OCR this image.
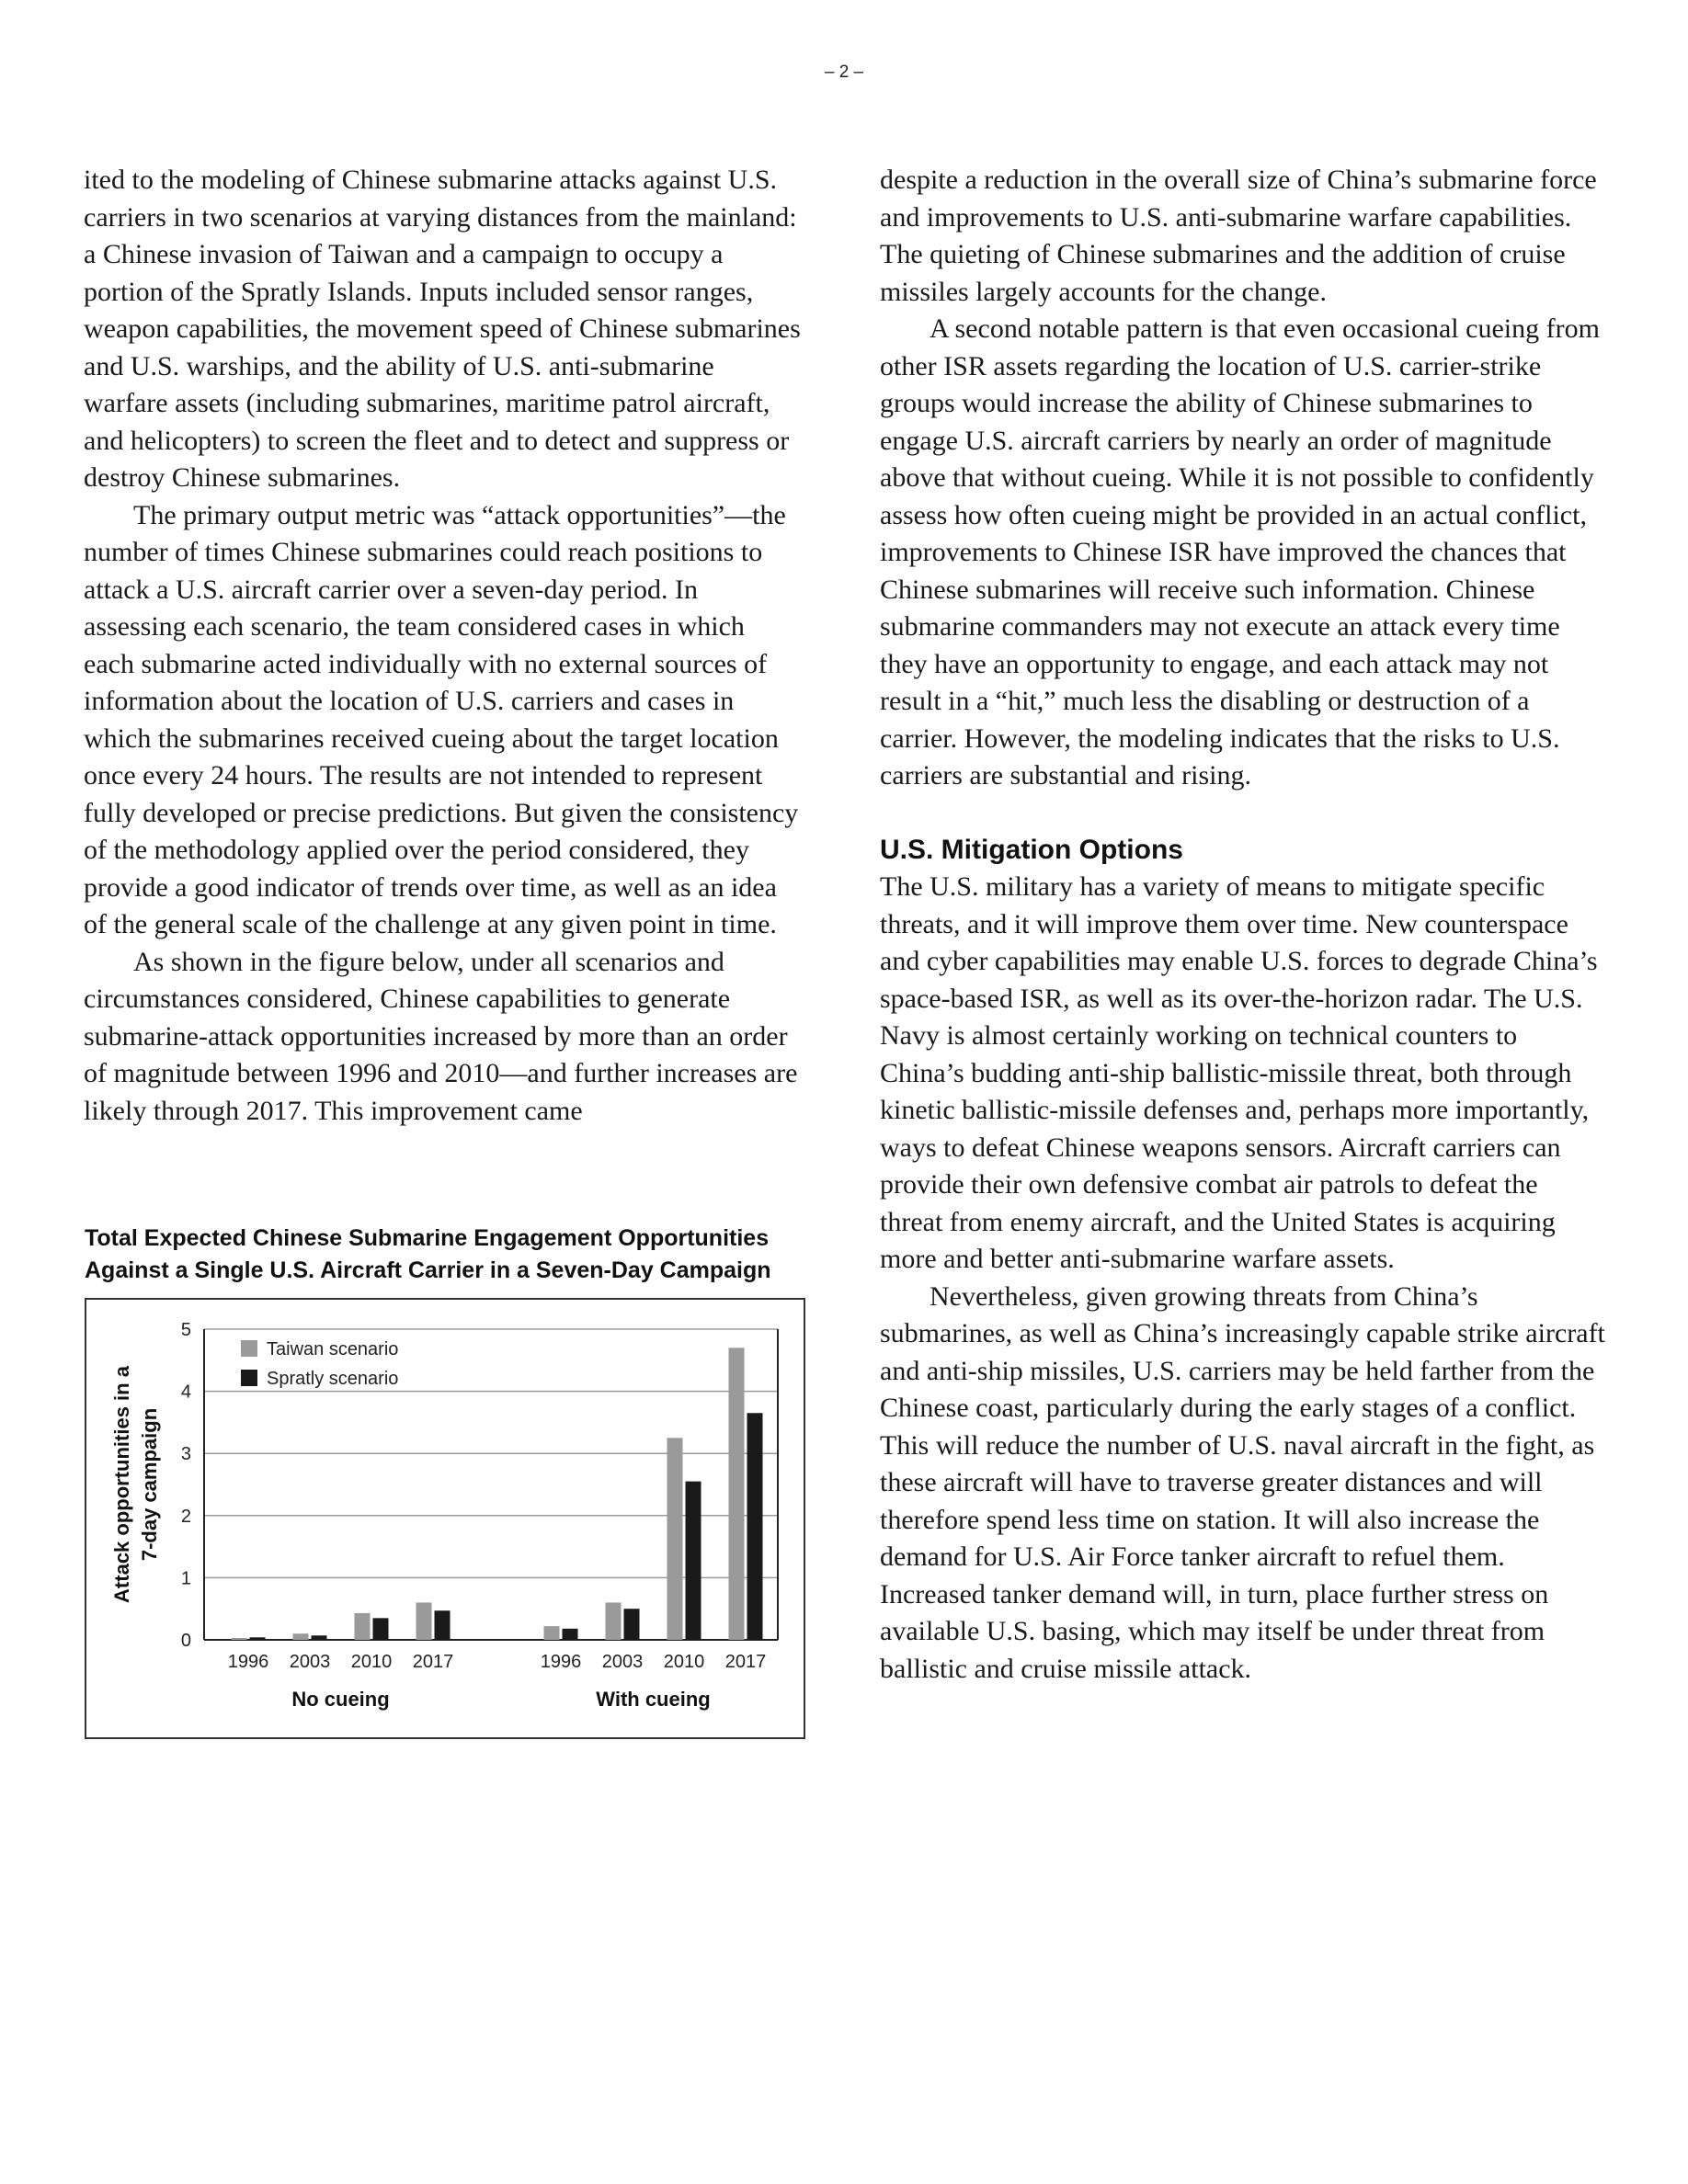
– 2 –

ited to the modeling of Chinese submarine attacks against U.S. carriers in two scenarios at varying distances from the mainland: a Chinese invasion of Taiwan and a campaign to occupy a portion of the Spratly Islands. Inputs included sensor ranges, weapon capabilities, the movement speed of Chinese submarines and U.S. warships, and the ability of U.S. anti-submarine warfare assets (including submarines, maritime patrol aircraft, and helicopters) to screen the fleet and to detect and suppress or destroy Chinese submarines.

The primary output metric was “attack opportunities”—the number of times Chinese submarines could reach positions to attack a U.S. aircraft carrier over a seven-day period. In assessing each scenario, the team considered cases in which each submarine acted individually with no external sources of information about the location of U.S. carriers and cases in which the submarines received cueing about the target location once every 24 hours. The results are not intended to represent fully developed or precise predictions. But given the consistency of the methodology applied over the period considered, they provide a good indicator of trends over time, as well as an idea of the general scale of the challenge at any given point in time.

As shown in the figure below, under all scenarios and circumstances considered, Chinese capabilities to generate submarine-attack opportunities increased by more than an order of magnitude between 1996 and 2010—and further increases are likely through 2017. This improvement came

Total Expected Chinese Submarine Engagement Opportunities
Against a Single U.S. Aircraft Carrier in a Seven-Day Campaign
0
1
2
3
4
5
Attack opportunities in a 7-day campaign
Taiwan scenario
Spratly scenario
1996 2003 2010 2017
No cueing
1996 2003 2010 2017
With cueing

despite a reduction in the overall size of China’s submarine force and improvements to U.S. anti-submarine warfare capabilities. The quieting of Chinese submarines and the addition of cruise missiles largely accounts for the change.

A second notable pattern is that even occasional cueing from other ISR assets regarding the location of U.S. carrier-strike groups would increase the ability of Chinese submarines to engage U.S. aircraft carriers by nearly an order of magnitude above that without cueing. While it is not possible to confidently assess how often cueing might be provided in an actual conflict, improvements to Chinese ISR have improved the chances that Chinese submarines will receive such information. Chinese submarine commanders may not execute an attack every time they have an opportunity to engage, and each attack may not result in a “hit,” much less the disabling or destruction of a carrier. However, the modeling indicates that the risks to U.S. carriers are substantial and rising.

U.S. Mitigation Options

The U.S. military has a variety of means to mitigate specific threats, and it will improve them over time. New counterspace and cyber capabilities may enable U.S. forces to degrade China’s space-based ISR, as well as its over-the-horizon radar. The U.S. Navy is almost certainly working on technical counters to China’s budding anti-ship ballistic-missile threat, both through kinetic ballistic-missile defenses and, perhaps more importantly, ways to defeat Chinese weapons sensors. Aircraft carriers can provide their own defensive combat air patrols to defeat the threat from enemy aircraft, and the United States is acquiring more and better anti-submarine warfare assets.

Nevertheless, given growing threats from China’s submarines, as well as China’s increasingly capable strike aircraft and anti-ship missiles, U.S. carriers may be held farther from the Chinese coast, particularly during the early stages of a conflict. This will reduce the number of U.S. naval aircraft in the fight, as these aircraft will have to traverse greater distances and will therefore spend less time on station. It will also increase the demand for U.S. Air Force tanker aircraft to refuel them. Increased tanker demand will, in turn, place further stress on available U.S. basing, which may itself be under threat from ballistic and cruise missile attack.
